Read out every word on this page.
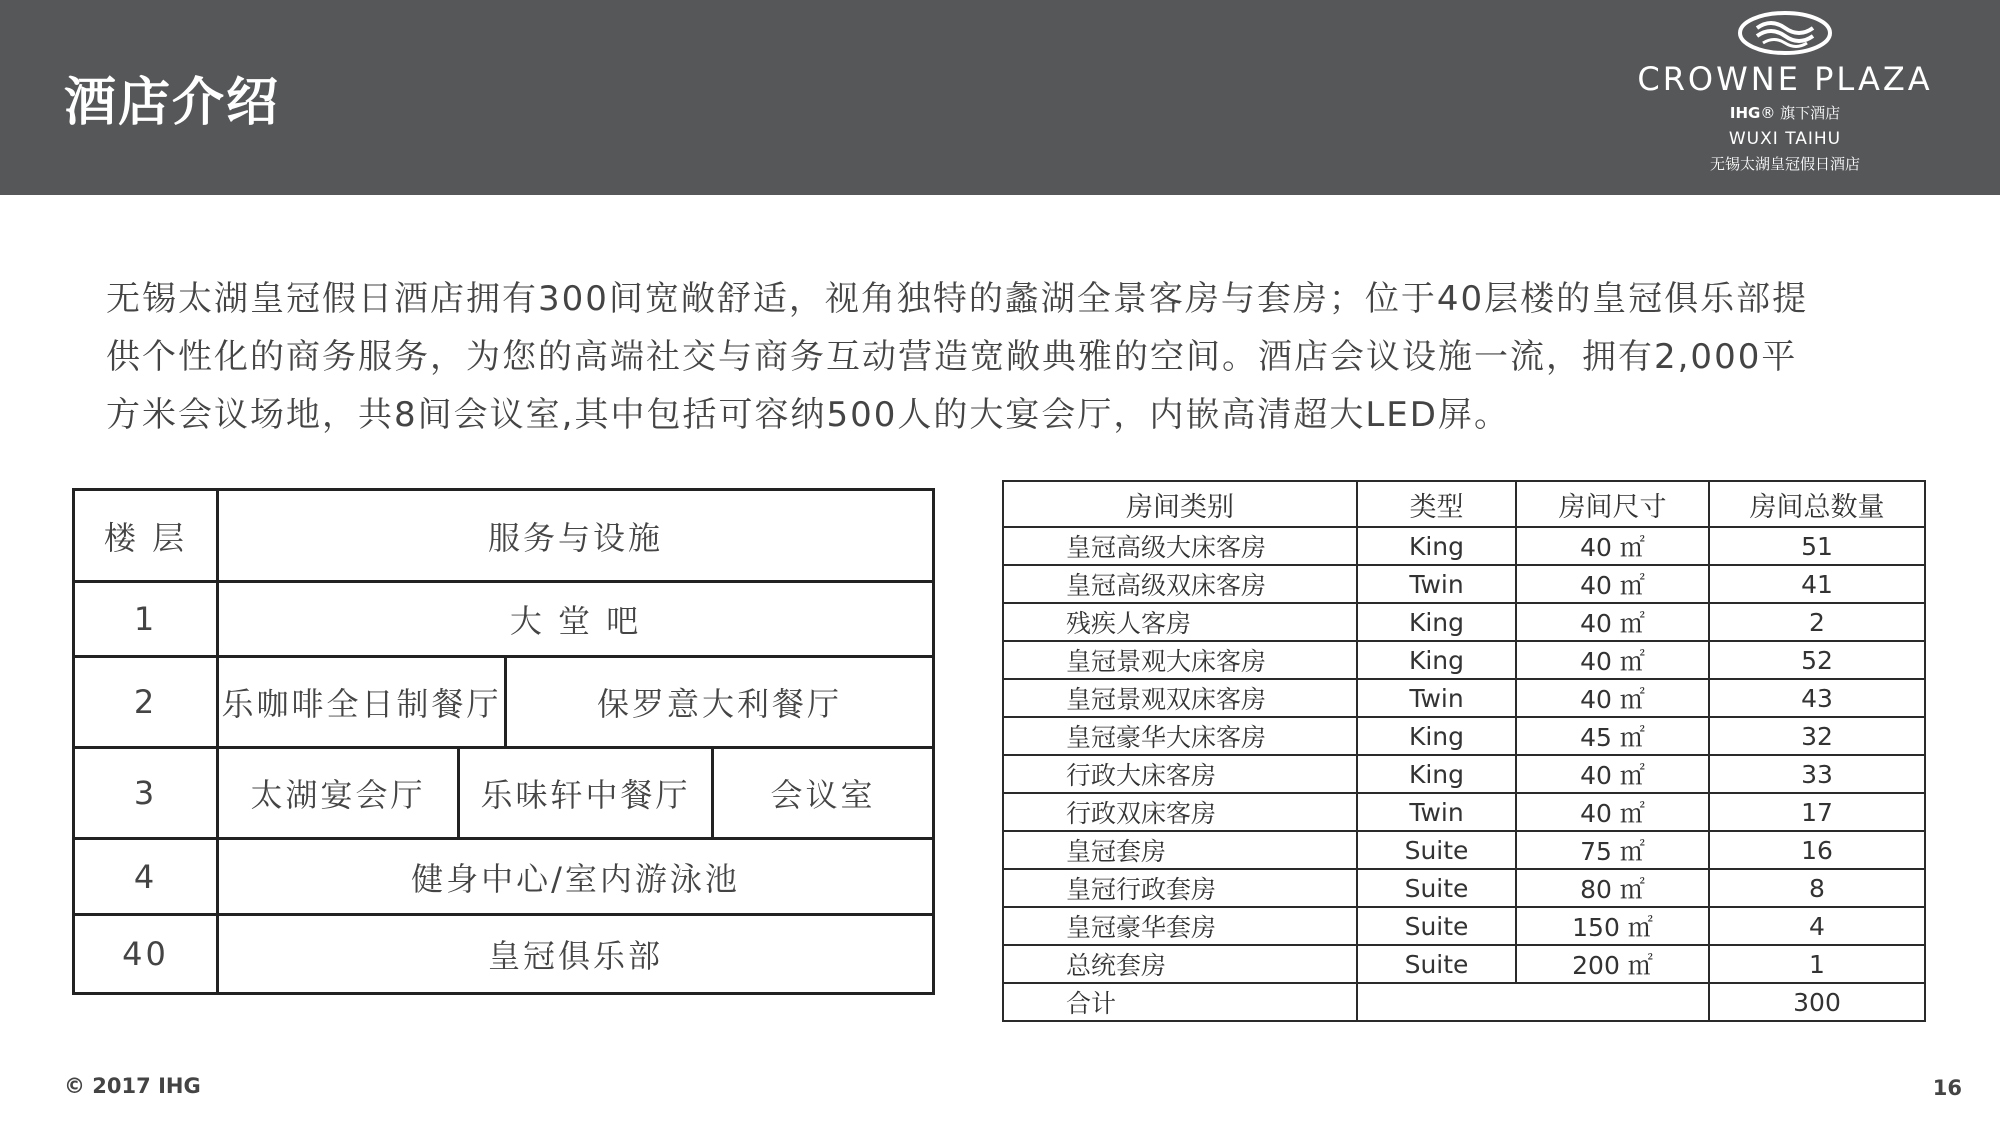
酒店介绍	CROWNE PLAZA
IHG® 旗下酒店
WUXI TAIHU
无锡太湖皇冠假日酒店
无锡太湖皇冠假日酒店拥有300间宽敞舒适，视角独特的蠡湖全景客房与套房；位于40层楼的皇冠俱乐部提
供个性化的商务服务，为您的高端社交与商务互动营造宽敞典雅的空间。酒店会议设施一流，拥有2,000平
方米会议场地，共8间会议室,其中包括可容纳500人的大宴会厅，内嵌高清超大LED屏。
楼 层	服务与设施			
1	大 堂 吧			
2	乐咖啡全日制餐厅		保罗意大利餐厅	
3	太湖宴会厅	乐味轩中餐厅		会议室
4	健身中心/室内游泳池			
40	皇冠俱乐部			
房间类别	类型	房间尺寸	房间总数量
皇冠高级大床客房	King	40 ㎡	51
皇冠高级双床客房	Twin	40 ㎡	41
残疾人客房	King	40 ㎡	2
皇冠景观大床客房	King	40 ㎡	52
皇冠景观双床客房	Twin	40 ㎡	43
皇冠豪华大床客房	King	45 ㎡	32
行政大床客房	King	40 ㎡	33
行政双床客房	Twin	40 ㎡	17
皇冠套房	Suite	75 ㎡	16
皇冠行政套房	Suite	80 ㎡	8
皇冠豪华套房	Suite	150 ㎡	4
总统套房	Suite	200 ㎡	1
合计			300
© 2017 IHG	16
